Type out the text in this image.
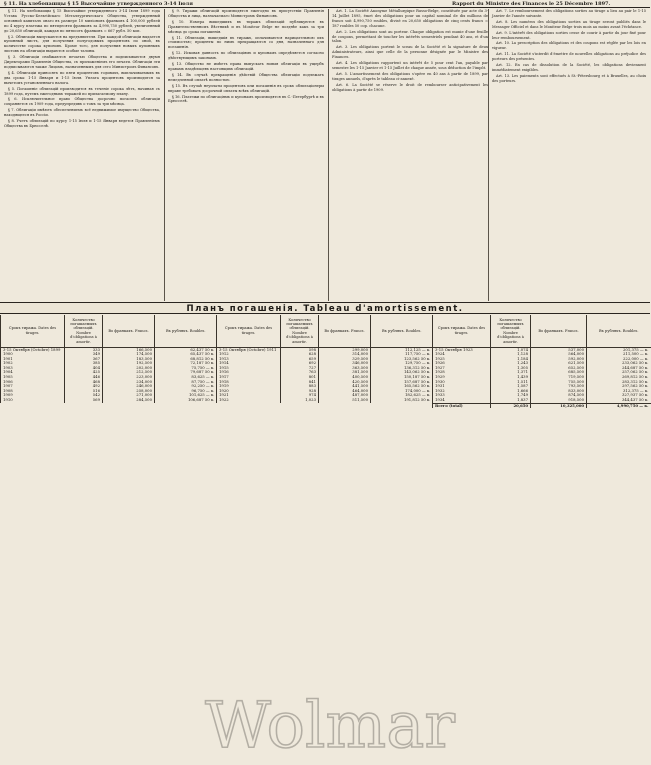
§ 11. На хлебопашцы § 15 Высочайше утвержденного 3-14 Іюля	Rapport du Ministre des Finances le 25 Décembre 1897.

§ 11. На хлебопашцы § 15 Высочайше утвержденного 3-14 Іюля 1899 года Устава Русско-Бельгійскаго Металлургическаго Общества, утвержденный основной капиталъ онаго въ размере 10 миліоновъ франковъ 4 100,000 рублей по 4 курсу платежа по пятидесяти франковъ за 4,990,750 рублей, увеличенный до 20,650 облигацій, каждая по пятисотъ франковъ = 667 рубл. 50 коп.

§ 2. Облигаціи выпускаются на предъявителя. При каждой облигаціи выдается купонный листъ, для получения полугодовыхъ процентовъ по оной, въ количестве сорока купоновъ. Кроме того, для получения новыхъ купонныхъ листовъ на облигаціи выдаются особые талоны.

§ 3. Облигаціи снабжаются печатью Общества и подписываются двумя Директорами Правленія Общества, съ приложеніемъ его печати. Облигаціи эти подписываются также Лицомъ, назначеннымъ для сего Министромъ Финансовъ.

§ 4. Облигаціи приносятъ по пяти процентовъ годовыхъ, выплачиваемыхъ въ два срока: 1-15 Января и 1-15 Іюля. Уплата процентовъ производится за вычетомъ установленнаго налога.

§ 5. Погашеніе облигацій производится въ теченіе сорока лѣтъ, начиная съ 1899 года, путемъ ежегодныхъ тиражей по прилагаемому плану.

§ 6. Исключительное право Общества досрочно погасить облигаціи сохраняется съ 1909 года, предупредивъ о томъ за три мѣсяца.

§ 7. Облигаціи имѣютъ обеспечениемъ всё недвижимое имущество Общества, находящееся въ Россіи.

§ 8. Учетъ облигацій по курсу 1-15 Іюля и 1-15 Января ведется Правленіемъ Общества въ Брюсселѣ.

§ 9. Тиражи облигацій производятся ежегодно въ присутствіи Правленія Общества и лица, назначаемаго Министромъ Финансовъ.

§ 10. Номера вышедшихъ въ тиражъ облигацій публикуются въ Правительственномъ Вѣстникѣ и въ Moniteur Belge не позднѣе какъ за три мѣсяца до срока погашенія.

§ 11. Облигаціи, вышедшія въ тиражъ, оплачиваются нарицательною ихъ стоимостью; проценты по нимъ прекращаются со дня, назначеннаго для погашенія.

§ 12. Исковая давность по облигаціямъ и купонамъ опредѣляется согласно дѣйствующимъ законамъ.

§ 13. Общество не имѣетъ права выпускать новыя облигаціи въ ущербъ правамъ владѣльцевъ настоящихъ облигацій.

§ 14. Въ случаѣ прекращенія дѣйствій Общества облигаціи подлежатъ немедленной оплатѣ полностью.

§ 15. Въ случаѣ неуплаты процентовъ или погашенія въ срокъ облигаціонеры вправе требовать досрочной оплаты всѣхъ облигацій.

§ 16. Платежи по облигаціямъ и купонамъ производятся въ С.-Петербургѣ и въ Брюсселѣ.

Art. 1. La Société Anonyme Métallurgique Russo-Belge, constituée par acte du 3-14 Juillet 1895, émet des obligations pour un capital nominal de dix millions de francs soit 4,990,750 roubles, divisé en 20,650 obligations de cinq cents francs = 187 roubles 50 cop. chacune.

Art. 2. Les obligations sont au porteur. Chaque obligation est munie d'une feuille de coupons, permettant de toucher les intérêts semestriels pendant 40 ans, et d'un talon.

Art. 3. Les obligations portent le sceau de la Société et la signature de deux Administrateurs, ainsi que celle de la personne désignée par le Ministre des Finances.

Art. 4. Les obligations rapportent un intérêt de 5 pour cent l'an, payable par semestre les 1-15 Janvier et 1-15 Juillet de chaque année, sous déduction de l'impôt.

Art. 5. L'amortissement des obligations s'opère en 40 ans à partir de 1899, par tirages annuels, d'après le tableau ci-annexé.

Art. 6. La Société se réserve le droit de rembourser anticipativement les obligations à partir de 1909.

Art. 7. Le remboursement des obligations sorties au tirage a lieu au pair le 1-15 Janvier de l'année suivante.

Art. 8. Les numéros des obligations sorties au tirage seront publiés dans le Messager Officiel et dans le Moniteur Belge trois mois au moins avant l'échéance.

Art. 9. L'intérêt des obligations sorties cesse de courir à partir du jour fixé pour leur remboursement.

Art. 10. La prescription des obligations et des coupons est réglée par les lois en vigueur.

Art. 11. La Société s'interdit d'émettre de nouvelles obligations au préjudice des porteurs des présentes.

Art. 12. En cas de dissolution de la Société, les obligations deviennent immédiatement exigibles.

Art. 13. Les paiements sont effectués à St.-Pétersbourg et à Bruxelles, au choix des porteurs.

Планъ погашенія. Tableau d'amortissement.
Срокъ тиража. Dates des tirages.	Количество погашаемыхъ облигацій. Nombre d'obligations à amortir.	Во франкахъ. Francs.	Въ рубляхъ. Roubles.
3-15 Октября (Octobre) 1899	333	166,500	62,437 50 к.
1900	349	174,500	65,437 50 к.
1901	367	183,500	68,812 50 к.
1902	385	192,500	72,187 50 к.
1903	404	202,000	75,750 — к.
1904	425	212,500	79,687 50 к.
1905	446	223,000	83,625 — к.
1906	468	234,000	87,750 — к.
1907	492	246,000	92,250 — к.
1908	516	258,000	96,750 — к.
1909	542	271,000	101,625 — к.
1910	569	284,500	106,687 50 к.
Срокъ тиража. Dates des tirages.	Количество погашаемыхъ облигацій. Nombre d'obligations à amortir.	Во франкахъ. Francs.	Въ рубляхъ. Roubles.
3-15 Октября (Octobre) 1911	598	299,000	112,125 — к.
1912	628	314,000	117,750 — к.
1913	659	329,500	123,562 50 к.
1914	692	346,000	129,750 — к.
1915	727	363,500	136,312 50 к.
1916	763	381,500	143,062 50 к.
1917	801	400,500	150,187 50 к.
1918	841	420,500	157,687 50 к.
1919	883	441,500	165,562 50 к.
1920	928	464,000	174,000 — к.
1921	974	487,000	182,625 — к.
1922	1,023	511,500	191,812 50 к.
Срокъ тиража. Dates des tirages.	Количество погашаемыхъ облигацій. Nombre d'obligations à amortir.	Во франкахъ. Francs.	Въ рубляхъ. Roubles.
3-15 Октября 1923	1,074	537,000	201,375 — к.
1924	1,128	564,000	211,500 — к.
1925	1,184	592,000	222,000 — к.
1926	1,243	621,500	233,062 50 к.
1927	1,305	652,500	244,687 50 к.
1928	1,371	685,500	257,062 50 к.
1929	1,439	719,500	269,812 50 к.
1930	1,511	755,500	283,312 50 к.
1931	1,587	793,500	297,562 50 к.
1932	1,666	833,000	312,375 — к.
1933	1,749	874,500	327,937 50 к.
1934	1,837	918,500	344,437 50 к.
Всего (total)	20,650	10,325,000	4,990,750 — к.
Wolmar
